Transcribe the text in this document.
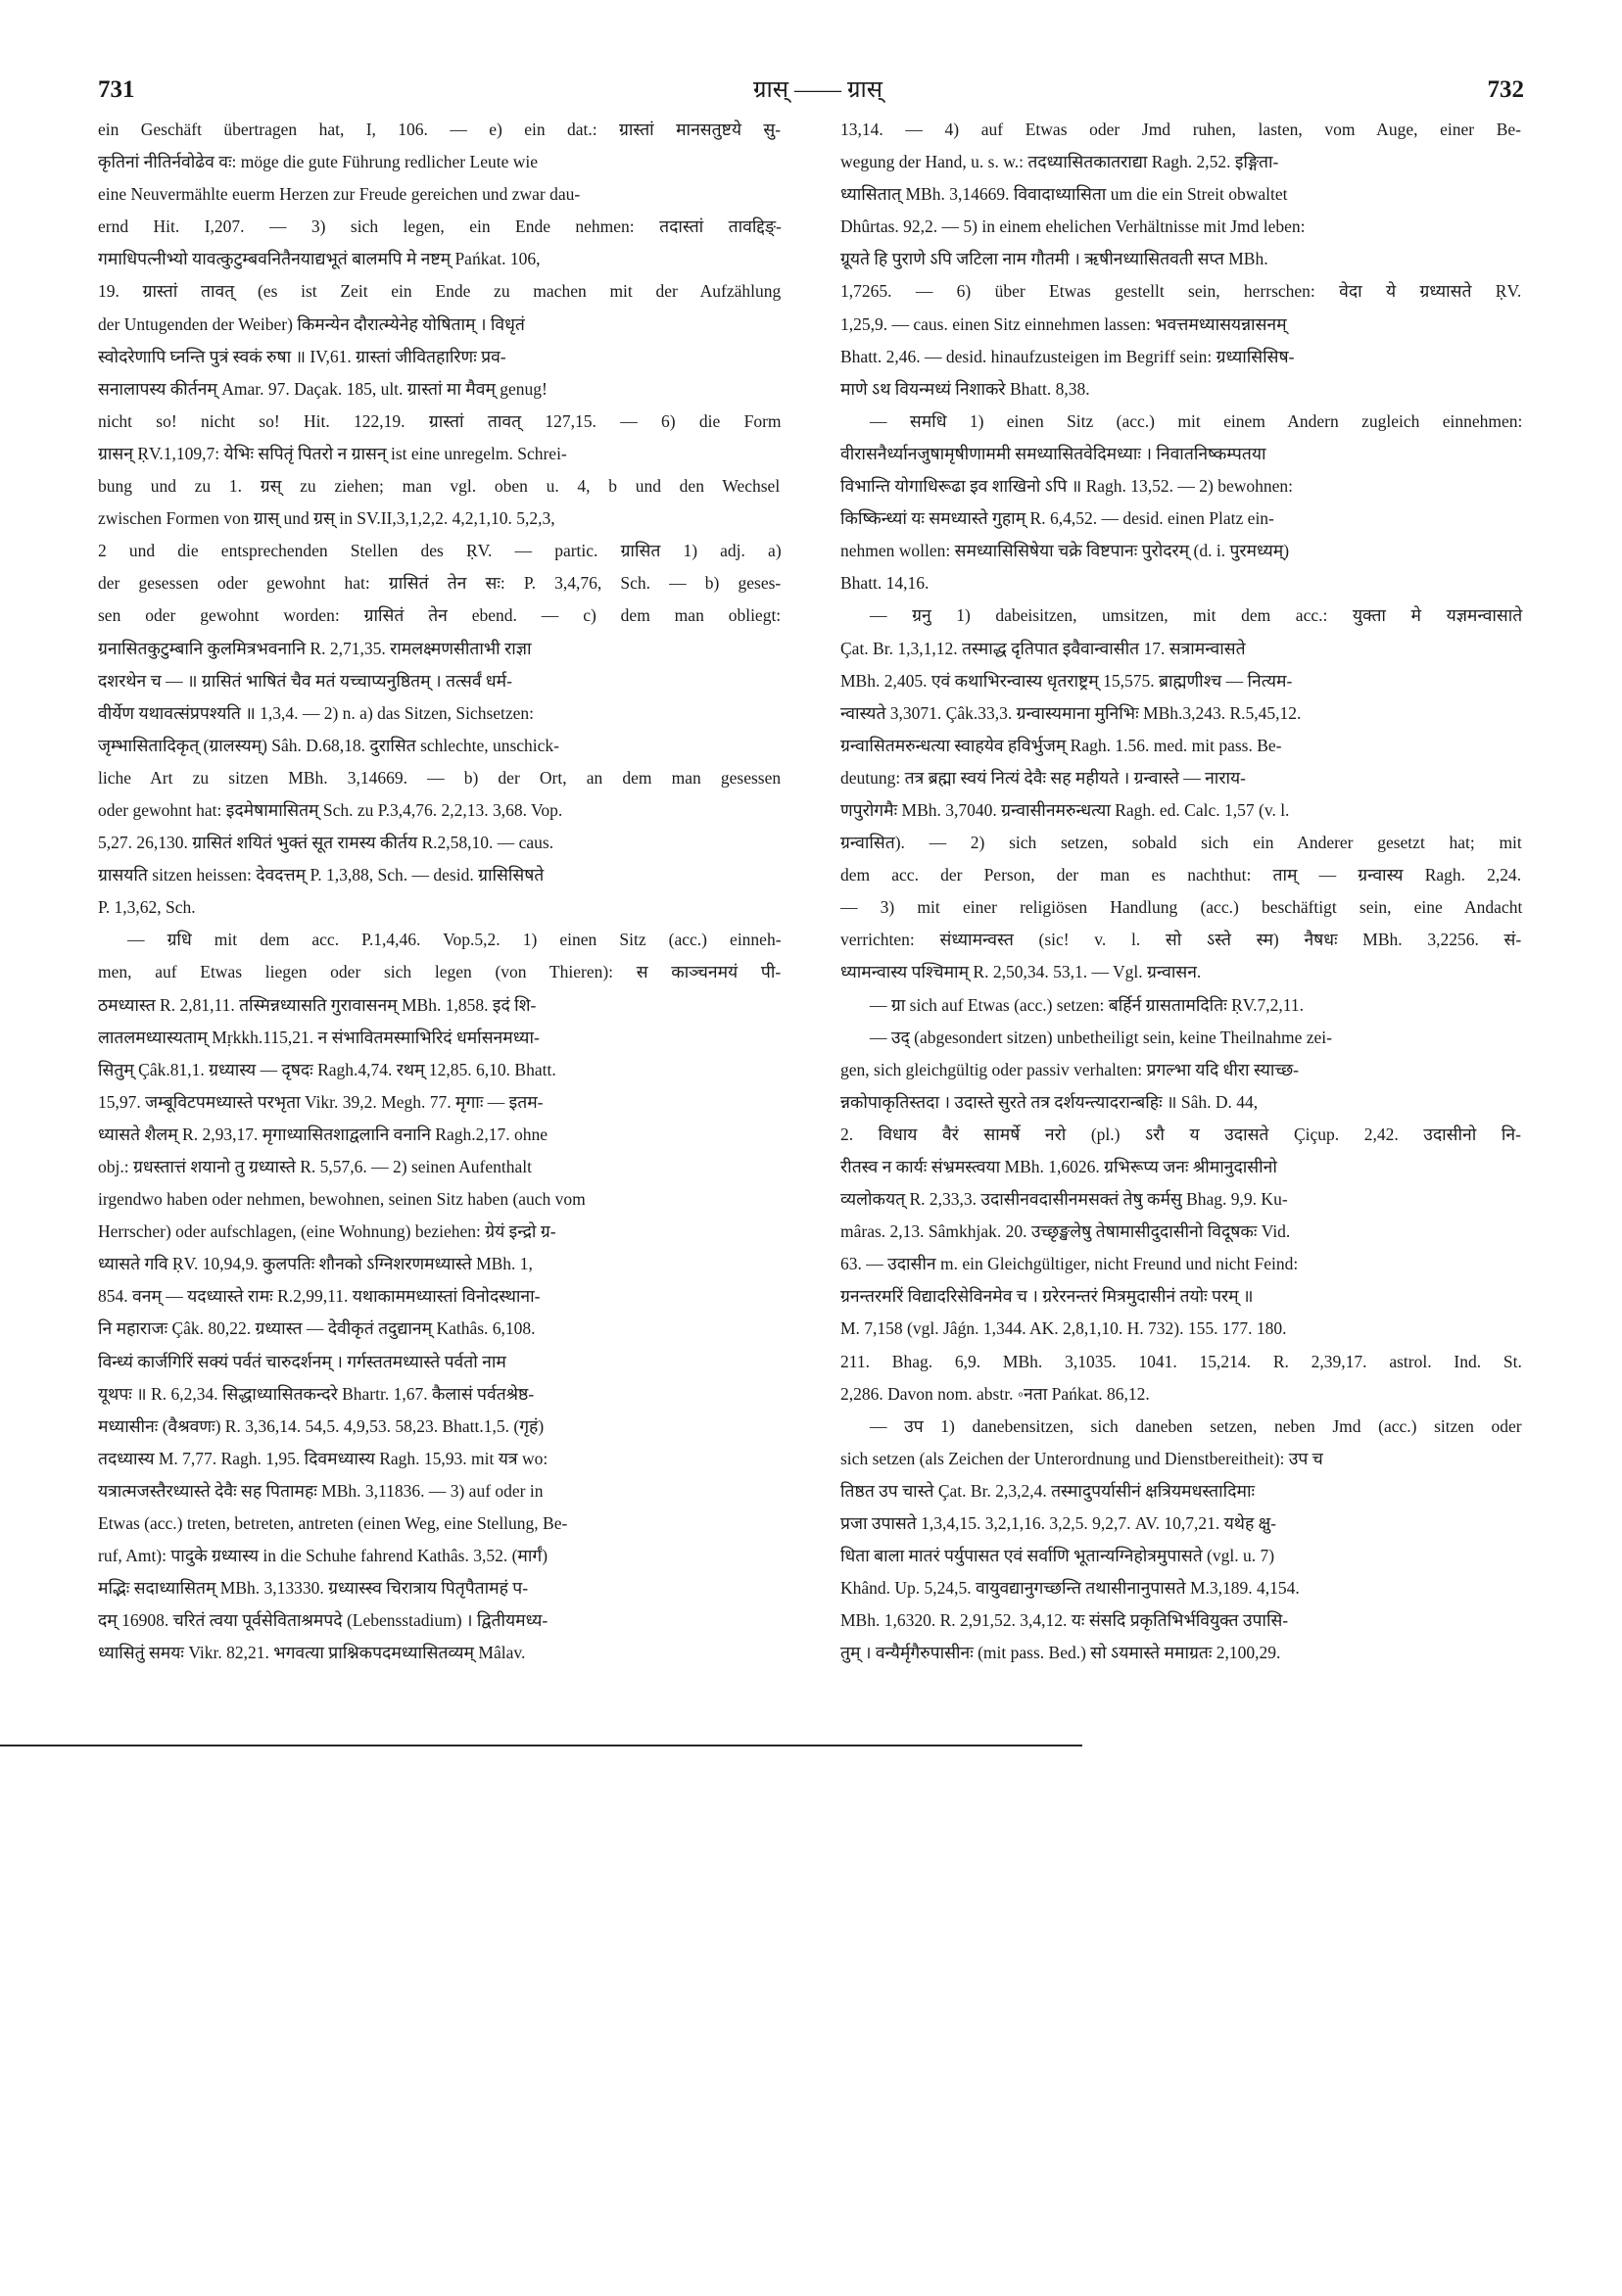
731	ग्रास् —— ग्रास्	732
ein Geschäft übertragen hat, I, 106. — e) ein dat.: ग्रास्तां मानसतुष्टये सु-
कृतिनां नीतिर्नवोढेव वः: möge die gute Führung redlicher Leute wie
eine Neuvermählte euerm Herzen zur Freude gereichen und zwar dau-
ernd Hit. I,207. — 3) sich legen, ein Ende nehmen: तदास्तां तावद्दिङ्-
गमाधिपत्नीभ्यो यावत्कुटुम्बवनितैनयाद्यभूतं बालमपि मे नष्टम् Pańkat. 106,
19. ग्रास्तां तावत् (es ist Zeit ein Ende zu machen mit der Aufzählung
der Untugenden der Weiber) किमन्येन दौरात्म्येनेह योषिताम् । विधृतं
स्वोदरेणापि घ्नन्ति पुत्रं स्वकं रुषा ॥ IV,61. ग्रास्तां जीवितहारिणः प्रव-
सनालापस्य कीर्तनम् Amar. 97. Daçak. 185, ult. ग्रास्तां मा मैवम् genug!
nicht so! nicht so! Hit. 122,19. ग्रास्तां तावत् 127,15. — 6) die Form
ग्रासन् ṚV.1,109,7: येभिः सपितृं पितरो न ग्रासन् ist eine unregelm. Schrei-
bung und zu 1. ग्रस् zu ziehen; man vgl. oben u. 4, b und den Wechsel
zwischen Formen von ग्रास् und ग्रस् in SV.II,3,1,2,2. 4,2,1,10. 5,2,3,
2 und die entsprechenden Stellen des ṚV. — partic. ग्रासित 1) adj. a)
der gesessen oder gewohnt hat: ग्रासितं तेन सः: P. 3,4,76, Sch. — b) geses-
sen oder gewohnt worden: ग्रासितं तेन ebend. — c) dem man obliegt:
ग्रनासितकुटुम्बानि कुलमित्रभवनानि R. 2,71,35. रामलक्ष्मणसीताभी राज्ञा
दशरथेन च — ॥ ग्रासितं भाषितं चैव मतं यच्चाप्यनुष्ठितम् । तत्सर्वं धर्म-
वीर्येण यथावत्संप्रपश्यति ॥ 1,3,4. — 2) n. a) das Sitzen, Sichsetzen:
जृम्भासितादिकृत् (ग्रालस्यम्) Sâh. D.68,18. दुरासित schlechte, unschick-
liche Art zu sitzen MBh. 3,14669. — b) der Ort, an dem man gesessen
oder gewohnt hat: इदमेषामासितम् Sch. zu P.3,4,76. 2,2,13. 3,68. Vop.
5,27. 26,130. ग्रासितं शयितं भुक्तं सूत रामस्य कीर्तय R.2,58,10. — caus.
ग्रासयति sitzen heissen: देवदत्तम् P. 1,3,88, Sch. — desid. ग्रासिसिषते
P. 1,3,62, Sch.
— ग्रधि mit dem acc. P.1,4,46. Vop.5,2. 1) einen Sitz (acc.) einneh-
men, auf Etwas liegen oder sich legen (von Thieren): स काञ्चनमयं पी-
ठमध्यास्त R. 2,81,11. तस्मिन्नध्यासति गुरावासनम् MBh. 1,858. इदं शि-
लातलमध्यास्यताम् Mṛkkh.115,21. न संभावितमस्माभिरिदं धर्मासनमध्या-
सितुम् Çâk.81,1. ग्रध्यास्य — दृषदः Ragh.4,74. रथम् 12,85. 6,10. Bhatt.
15,97. जम्बूविटपमध्यास्ते परभृता Vikr. 39,2. Megh. 77. मृगाः — इतम-
ध्यासते शैलम् R. 2,93,17. मृगाध्यासितशाद्वलानि वनानि Ragh.2,17. ohne
obj.: ग्रधस्तात्तं शयानो तु ग्रध्यास्ते R. 5,57,6. — 2) seinen Aufenthalt
irgendwo haben oder nehmen, bewohnen, seinen Sitz haben (auch vom
Herrscher) oder aufschlagen, (eine Wohnung) beziehen: ग्रेयं इन्द्रो ग्र-
ध्यासते गवि ṚV. 10,94,9. कुलपतिः शौनको ऽग्निशरणमध्यास्ते MBh. 1,
854. वनम् — यदध्यास्ते रामः R.2,99,11. यथाकाममध्यास्तां विनोदस्थाना-
नि महाराजः Çâk. 80,22. ग्रध्यास्त — देवीकृतं तदुद्यानम् Kathâs. 6,108.
विन्ध्यं कार्जगिरिं सक्यं पर्वतं चारुदर्शनम् । गर्गस्ततमध्यास्ते पर्वतो नाम
यूथपः ॥ R. 6,2,34. सिद्धाध्यासितकन्दरे Bhartr. 1,67. कैलासं पर्वतश्रेष्ठ-
मध्यासीनः (वैश्रवणः) R. 3,36,14. 54,5. 4,9,53. 58,23. Bhatt.1,5. (गृहं)
तदध्यास्य M. 7,77. Ragh. 1,95. दिवमध्यास्य Ragh. 15,93. mit यत्र wo:
यत्रात्मजस्तैरध्यास्ते देवैः सह पितामहः MBh. 3,11836. — 3) auf oder in
Etwas (acc.) treten, betreten, antreten (einen Weg, eine Stellung, Be-
ruf, Amt): पादुके ग्रध्यास्य in die Schuhe fahrend Kathâs. 3,52. (मार्गं)
मद्भिः सदाध्यासितम् MBh. 3,13330. ग्रध्यास्स्व चिरात्राय पितृपैतामहं प-
दम् 16908. चरितं त्वया पूर्वसेविताश्रमपदे (Lebensstadium) । द्वितीयमध्य-
ध्यासितुं समयः Vikr. 82,21. भगवत्या प्राश्निकपदमध्यासितव्यम् Mâlav.
13,14. — 4) auf Etwas oder Jmd ruhen, lasten, vom Auge, einer Be-
wegung der Hand, u. s. w.: तदध्यासितकातराद्या Ragh. 2,52. इङ्गिता-
ध्यासितात् MBh. 3,14669. विवादाध्यासिता um die ein Streit obwaltet
Dhûrtas. 92,2. — 5) in einem ehelichen Verhältnisse mit Jmd leben:
ग्रूयते हि पुराणे ऽपि जटिला नाम गौतमी । ऋषीनध्यासितवती सप्त MBh.
1,7265. — 6) über Etwas gestellt sein, herrschen: वेदा ये ग्रध्यासते ṚV.
1,25,9. — caus. einen Sitz einnehmen lassen: भवत्तमध्यासयन्नासनम्
Bhatt. 2,46. — desid. hinaufzusteigen im Begriff sein: ग्रध्यासिसिष-
माणे ऽथ वियन्मध्यं निशाकरे Bhatt. 8,38.
— समधि 1) einen Sitz (acc.) mit einem Andern zugleich einnehmen:
वीरासनैर्ध्यानजुषामृषीणाममी समध्यासितवेदिमध्याः । निवातनिष्कम्पतया
विभान्ति योगाधिरूढा इव शाखिनो ऽपि ॥ Ragh. 13,52. — 2) bewohnen:
किष्किन्ध्यां यः समध्यास्ते गुहाम् R. 6,4,52. — desid. einen Platz ein-
nehmen wollen: समध्यासिसिषेया चक्रे विष्टपानः पुरोदरम् (d. i. पुरमध्यम्)
Bhatt. 14,16.
— ग्रनु 1) dabeisitzen, umsitzen, mit dem acc.: युक्ता मे यज्ञमन्वासाते
Çat. Br. 1,3,1,12. तस्माद्ध दृतिपात इवैवान्वासीत 17. सत्रामन्वासते
MBh. 2,405. एवं कथाभिरन्वास्य धृतराष्ट्रम् 15,575. ब्राह्मणीश्च — नित्यम-
न्वास्यते 3,3071. Çâk.33,3. ग्रन्वास्यमाना मुनिभिः MBh.3,243. R.5,45,12.
ग्रन्वासितमरुन्धत्या स्वाहयेव हविर्भुजम् Ragh. 1.56. med. mit pass. Be-
deutung: तत्र ब्रह्मा स्वयं नित्यं देवैः सह महीयते । ग्रन्वास्ते — नाराय-
णपुरोगमैः MBh. 3,7040. ग्रन्वासीनमरुन्धत्या Ragh. ed. Calc. 1,57 (v. l.
ग्रन्वासित). — 2) sich setzen, sobald sich ein Anderer gesetzt hat; mit
dem acc. der Person, der man es nachthut: ताम् — ग्रन्वास्य Ragh. 2,24.
— 3) mit einer religiösen Handlung (acc.) beschäftigt sein, eine Andacht
verrichten: संध्यामन्वस्त (sic! v. l. सो ऽस्ते स्म) नैषधः MBh. 3,2256. सं-
ध्यामन्वास्य पश्चिमाम् R. 2,50,34. 53,1. — Vgl. ग्रन्वासन.
— ग्रा sich auf Etwas (acc.) setzen: बर्हिर्न ग्रासतामदितिः ṚV.7,2,11.
— उद् (abgesondert sitzen) unbetheiligt sein, keine Theilnahme zei-
gen, sich gleichgültig oder passiv verhalten: प्रगल्भा यदि धीरा स्याच्छ-
न्नकोपाकृतिस्तदा । उदास्ते सुरते तत्र दर्शयन्त्यादरान्बहिः ॥ Sâh. D. 44,
2. विधाय वैरं सामर्षे नरो (pl.) ऽरौ य उदासते Çiçup. 2,42. उदासीनो नि-
रीतस्व न कार्यः संभ्रमस्त्वया MBh. 1,6026. ग्रभिरूप्य जनः श्रीमानुदासीनो
व्यलोकयत् R. 2,33,3. उदासीनवदासीनमसक्तं तेषु कर्मसु Bhag. 9,9. Ku-
mâras. 2,13. Sâmkhjak. 20. उच्छृङ्खलेषु तेषामासीदुदासीनो विदूषकः Vid.
63. — उदासीन m. ein Gleichgültiger, nicht Freund und nicht Feind:
ग्रनन्तरमरिं विद्यादरिसेविनमेव च । ग्ररेरनन्तरं मित्रमुदासीनं तयोः परम् ॥
M. 7,158 (vgl. Jâǵn. 1,344. AK. 2,8,1,10. H. 732). 155. 177. 180.
211. Bhag. 6,9. MBh. 3,1035. 1041. 15,214. R. 2,39,17. astrol. Ind. St.
2,286. Davon nom. abstr. ◦नता Pańkat. 86,12.
— उप 1) danebensitzen, sich daneben setzen, neben Jmd (acc.) sitzen oder
sich setzen (als Zeichen der Unterordnung und Dienstbereitheit): उप च
तिष्ठत उप चास्ते Çat. Br. 2,3,2,4. तस्मादुपर्यासीनं क्षत्रियमधस्तादिमाः
प्रजा उपासते 1,3,4,15. 3,2,1,16. 3,2,5. 9,2,7. AV. 10,7,21. यथेह क्षु-
धिता बाला मातरं पर्युपासत एवं सर्वाणि भूतान्यग्निहोत्रमुपासते (vgl. u. 7)
Khând. Up. 5,24,5. वायुवद्यानुगच्छन्ति तथासीनानुपासते M.3,189. 4,154.
MBh. 1,6320. R. 2,91,52. 3,4,12. यः संसदि प्रकृतिभिर्भवियुक्त उपासि-
तुम् । वन्यैर्मृगैरुपासीनः (mit pass. Bed.) सो ऽयमास्ते ममाग्रतः 2,100,29.
